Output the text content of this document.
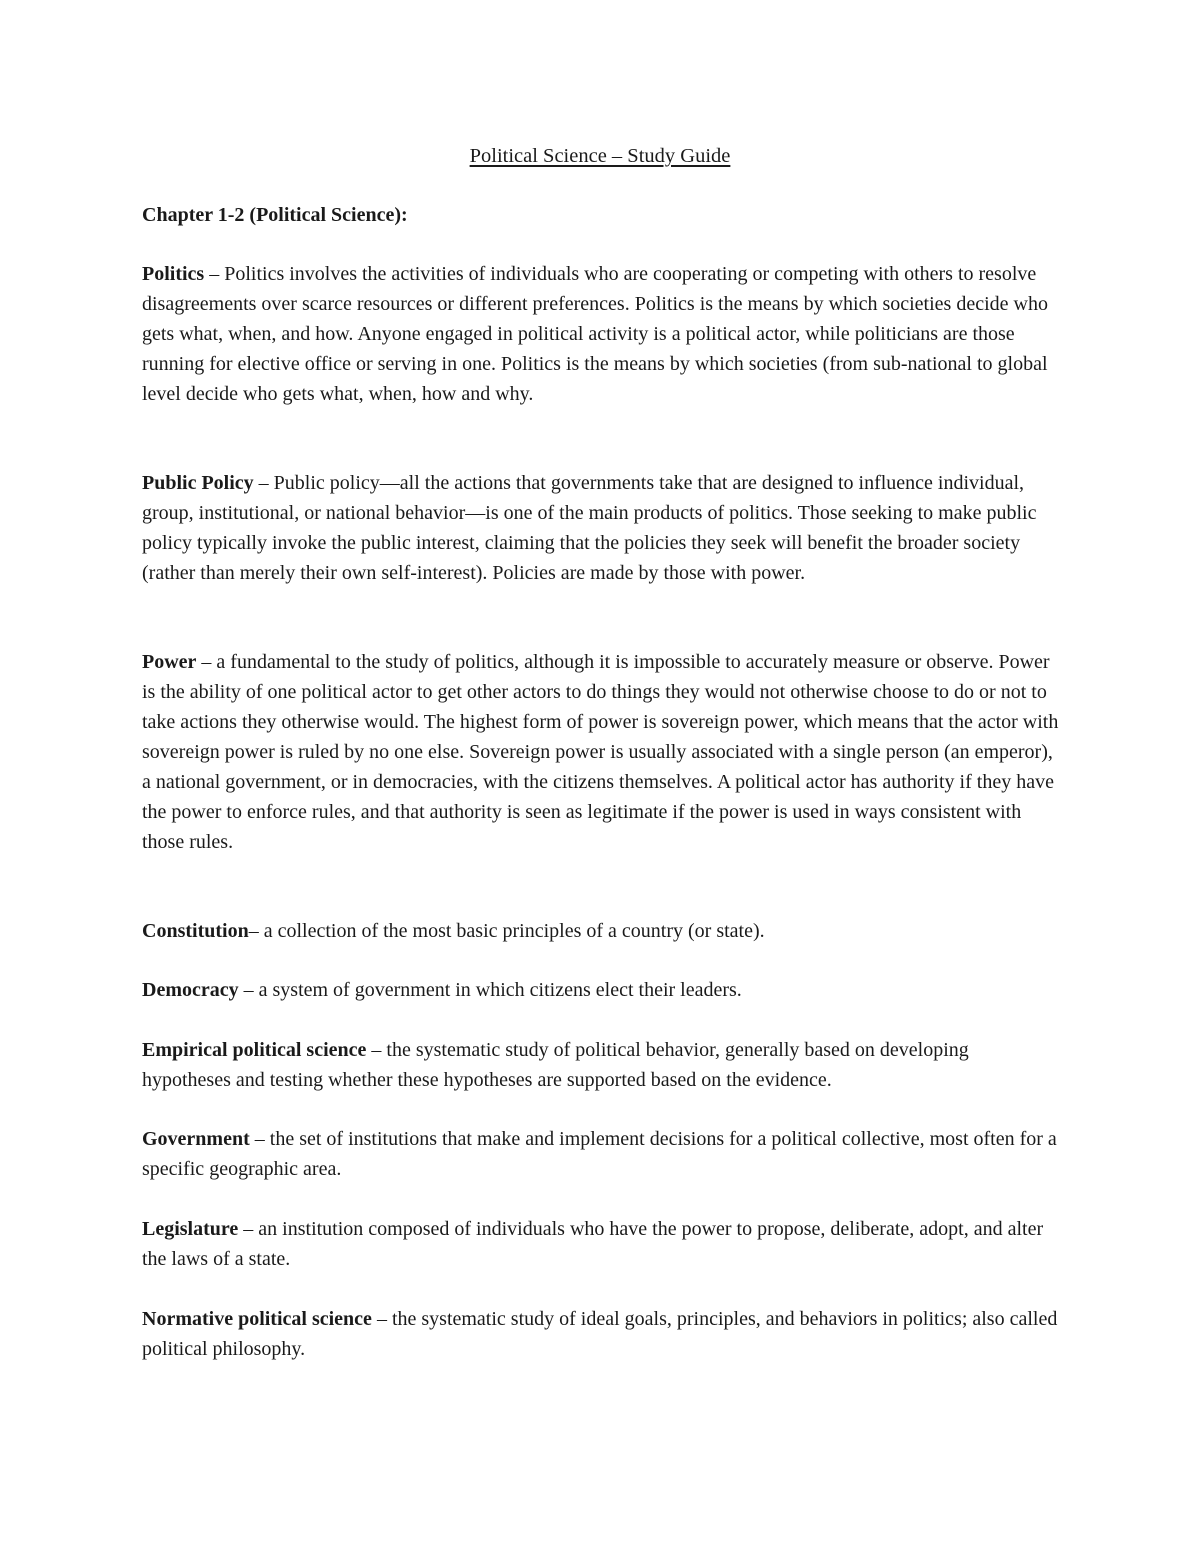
Political Science – Study Guide
Chapter 1-2 (Political Science):

Politics – Politics involves the activities of individuals who are cooperating or competing with others to resolve disagreements over scarce resources or different preferences. Politics is the means by which societies decide who gets what, when, and how. Anyone engaged in political activity is a political actor, while politicians are those running for elective office or serving in one. Politics is the means by which societies (from sub-national to global level decide who gets what, when, how and why.

Public Policy – Public policy—all the actions that governments take that are designed to influence individual, group, institutional, or national behavior—is one of the main products of politics. Those seeking to make public policy typically invoke the public interest, claiming that the policies they seek will benefit the broader society (rather than merely their own self-interest). Policies are made by those with power.

Power – a fundamental to the study of politics, although it is impossible to accurately measure or observe. Power is the ability of one political actor to get other actors to do things they would not otherwise choose to do or not to take actions they otherwise would. The highest form of power is sovereign power, which means that the actor with sovereign power is ruled by no one else. Sovereign power is usually associated with a single person (an emperor), a national government, or in democracies, with the citizens themselves. A political actor has authority if they have the power to enforce rules, and that authority is seen as legitimate if the power is used in ways consistent with those rules.

Constitution– a collection of the most basic principles of a country (or state).

Democracy – a system of government in which citizens elect their leaders.

Empirical political science – the systematic study of political behavior, generally based on developing hypotheses and testing whether these hypotheses are supported based on the evidence.

Government – the set of institutions that make and implement decisions for a political collective, most often for a specific geographic area.

Legislature – an institution composed of individuals who have the power to propose, deliberate, adopt, and alter the laws of a state.

Normative political science – the systematic study of ideal goals, principles, and behaviors in politics; also called political philosophy.
